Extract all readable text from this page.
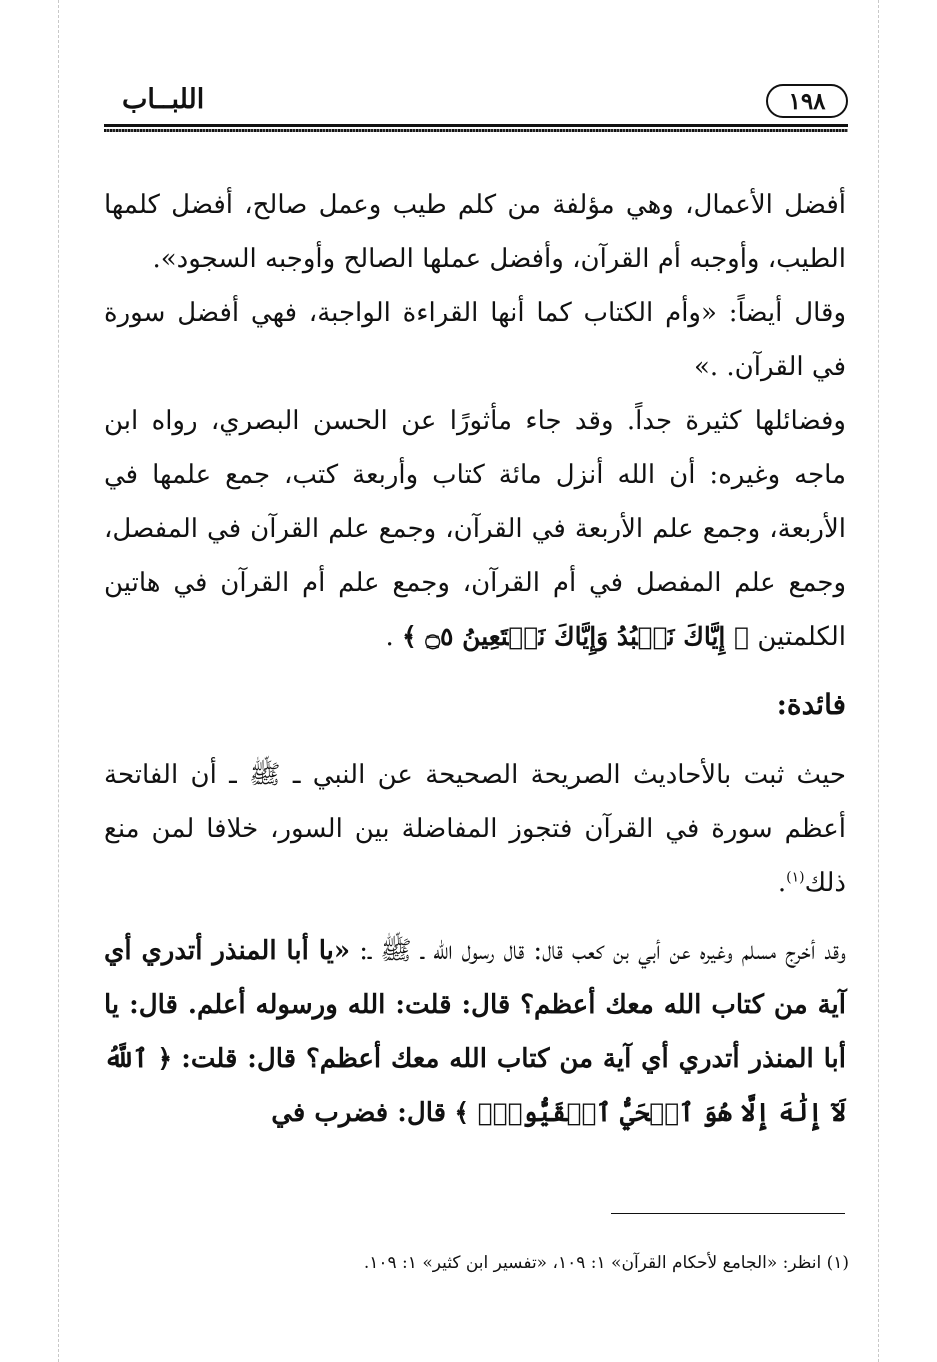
١٩٨
اللبــاب

أفضل الأعمال، وهي مؤلفة من كلم طيب وعمل صالح، أفضل كلمها الطيب، وأوجبه أم القرآن، وأفضل عملها الصالح وأوجبه السجود».

وقال أيضاً: «وأم الكتاب كما أنها القراءة الواجبة، فهي أفضل سورة في القرآن. .»

وفضائلها كثيرة جداً. وقد جاء مأثورًا عن الحسن البصري، رواه ابن ماجه وغيره: أن الله أنزل مائة كتاب وأربعة كتب، جمع علمها في الأربعة، وجمع علم الأربعة في القرآن، وجمع علم القرآن في المفصل، وجمع علم المفصل في أم القرآن، وجمع علم أم القرآن في هاتين الكلمتين ﴿ إِيَّاكَ نَعۡبُدُ وَإِيَّاكَ نَسۡتَعِينُ ۝٥ ﴾ .

فائدة:

حيث ثبت بالأحاديث الصريحة الصحيحة عن النبي ـ ﷺ ـ أن الفاتحة أعظم سورة في القرآن فتجوز المفاضلة بين السور، خلافا لمن منع ذلك$^{(١)}$.

وقد أخرج مسلم وغيره عن أبي بن كعب قال: قال رسول الله ـ ﷺ ـ: «يا أبا المنذر أتدري أي آية من كتاب الله معك أعظم؟ قال: قلت: الله ورسوله أعلم. قال: يا أبا المنذر أتدري أي آية من كتاب الله معك أعظم؟ قال: قلت: ﴿ ٱللَّهُ لَآ إِلَٰهَ إِلَّا هُوَ ٱلۡحَيُّ ٱلۡقَيُّومُۚ ﴾ قال: فضرب في

(١) انظر: «الجامع لأحكام القرآن» ١: ١٠٩، «تفسير ابن كثير» ١: ١٠٩.
